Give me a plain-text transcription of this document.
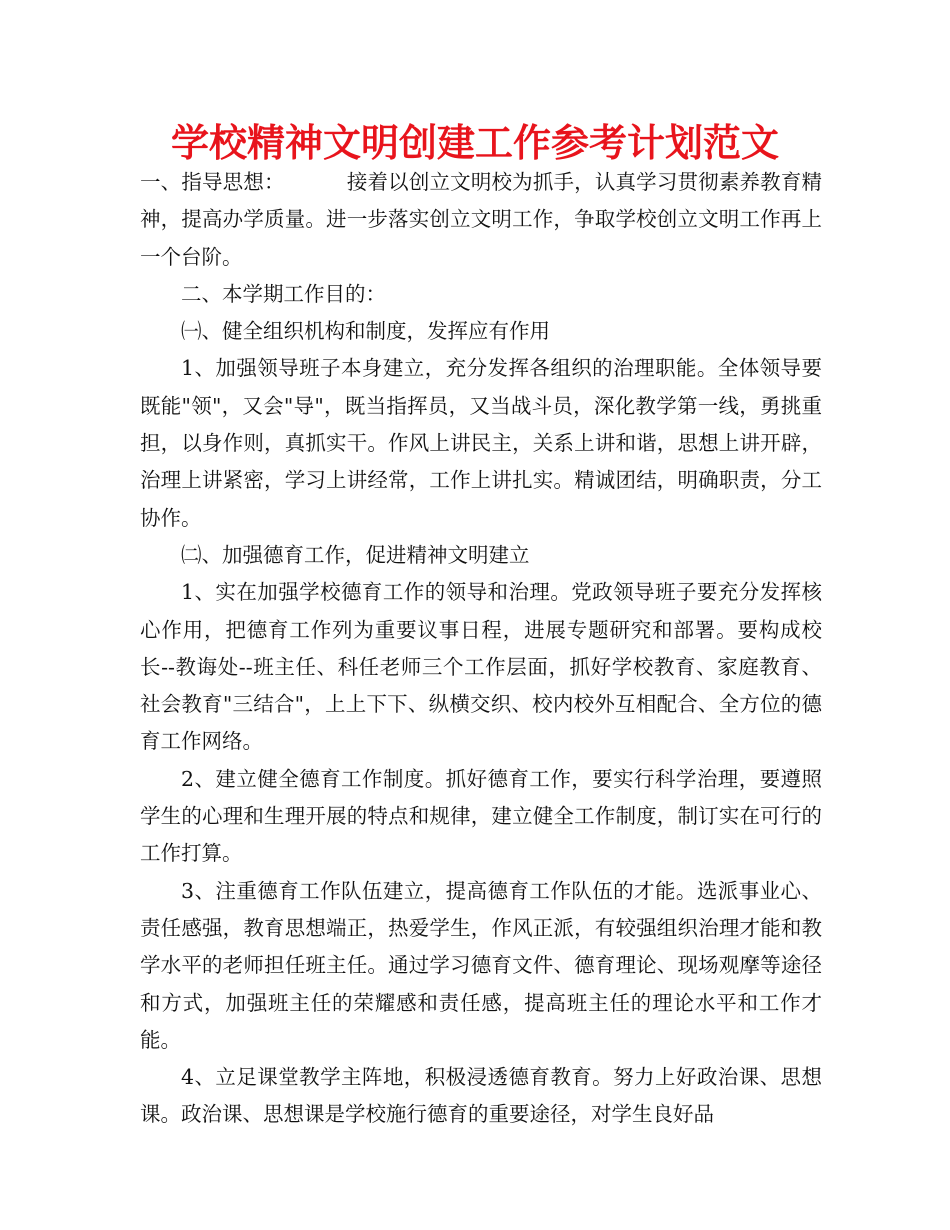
学校精神文明创建工作参考计划范文

一、指导思想：	接着以创立文明校为抓手，认真学习贯彻素养教育精神，提高办学质量。进一步落实创立文明工作，争取学校创立文明工作再上一个台阶。

二、本学期工作目的：

㈠、健全组织机构和制度，发挥应有作用

1、加强领导班子本身建立，充分发挥各组织的治理职能。全体领导要既能"领"，又会"导"，既当指挥员，又当战斗员，深化教学第一线，勇挑重担，以身作则，真抓实干。作风上讲民主，关系上讲和谐，思想上讲开辟，治理上讲紧密，学习上讲经常，工作上讲扎实。精诚团结，明确职责，分工协作。

㈡、加强德育工作，促进精神文明建立

1、实在加强学校德育工作的领导和治理。党政领导班子要充分发挥核心作用，把德育工作列为重要议事日程，进展专题研究和部署。要构成校长--教诲处--班主任、科任老师三个工作层面，抓好学校教育、家庭教育、社会教育"三结合"，上上下下、纵横交织、校内校外互相配合、全方位的德育工作网络。

2、建立健全德育工作制度。抓好德育工作，要实行科学治理，要遵照学生的心理和生理开展的特点和规律，建立健全工作制度，制订实在可行的工作打算。

3、注重德育工作队伍建立，提高德育工作队伍的才能。选派事业心、责任感强，教育思想端正，热爱学生，作风正派，有较强组织治理才能和教学水平的老师担任班主任。通过学习德育文件、德育理论、现场观摩等途径和方式，加强班主任的荣耀感和责任感，提高班主任的理论水平和工作才能。

4、立足课堂教学主阵地，积极浸透德育教育。努力上好政治课、思想课。政治课、思想课是学校施行德育的重要途径，对学生良好品
